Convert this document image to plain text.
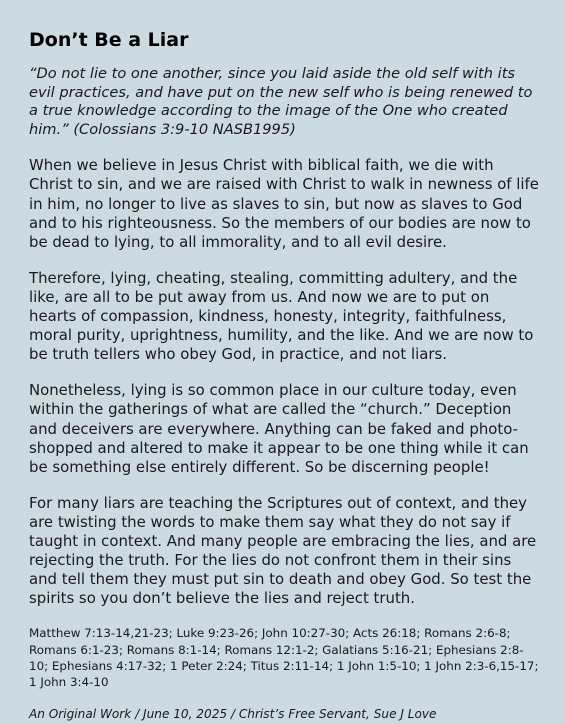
Don’t Be a Liar

“Do not lie to one another, since you laid aside the old self with its evil practices, and have put on the new self who is being renewed to a true knowledge according to the image of the One who created him.” (Colossians 3:9-10 NASB1995)

When we believe in Jesus Christ with biblical faith, we die with Christ to sin, and we are raised with Christ to walk in newness of life in him, no longer to live as slaves to sin, but now as slaves to God and to his righteousness. So the members of our bodies are now to be dead to lying, to all immorality, and to all evil desire.

Therefore, lying, cheating, stealing, committing adultery, and the like, are all to be put away from us. And now we are to put on hearts of compassion, kindness, honesty, integrity, faithfulness, moral purity, uprightness, humility, and the like. And we are now to be truth tellers who obey God, in practice, and not liars.

Nonetheless, lying is so common place in our culture today, even within the gatherings of what are called the “church.” Deception and deceivers are everywhere. Anything can be faked and photo-shopped and altered to make it appear to be one thing while it can be something else entirely different. So be discerning people!

For many liars are teaching the Scriptures out of context, and they are twisting the words to make them say what they do not say if taught in context. And many people are embracing the lies, and are rejecting the truth. For the lies do not confront them in their sins and tell them they must put sin to death and obey God. So test the spirits so you don’t believe the lies and reject truth.

Matthew 7:13-14,21-23; Luke 9:23-26; John 10:27-30; Acts 26:18; Romans 2:6-8; Romans 6:1-23; Romans 8:1-14; Romans 12:1-2; Galatians 5:16-21; Ephesians 2:8-10; Ephesians 4:17-32; 1 Peter 2:24; Titus 2:11-14; 1 John 1:5-10; 1 John 2:3-6,15-17; 1 John 3:4-10

An Original Work / June 10, 2025 / Christ’s Free Servant, Sue J Love
